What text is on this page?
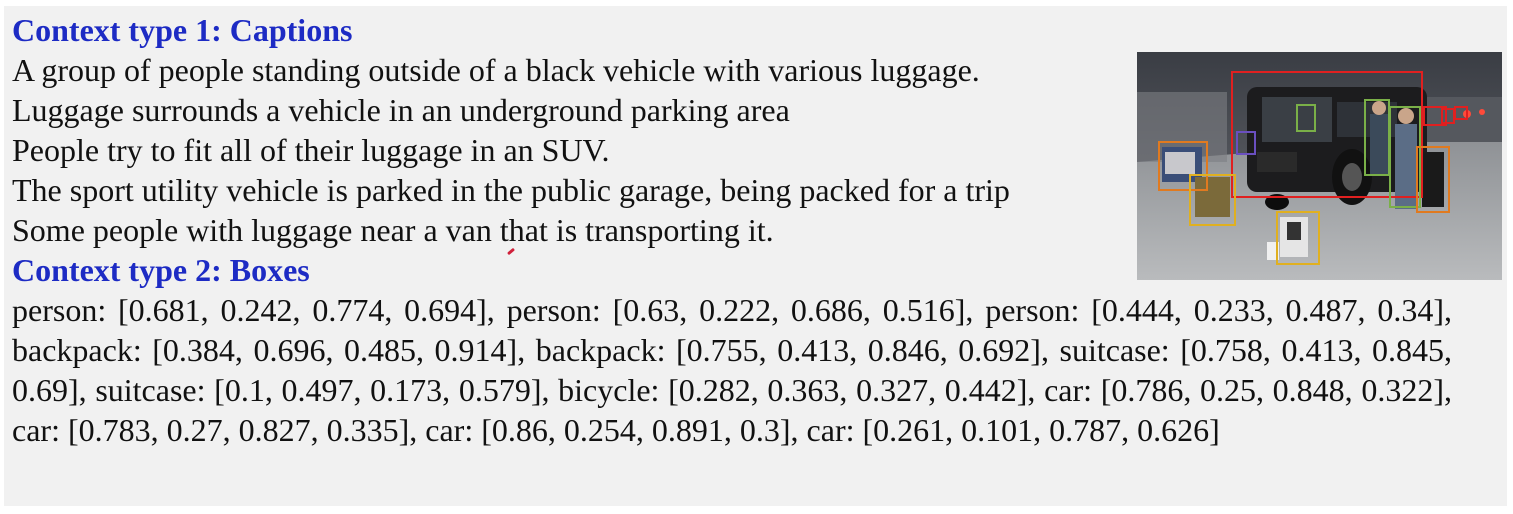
Context type 1: Captions
A group of people standing outside of a black vehicle with various luggage.
Luggage surrounds a vehicle in an underground parking area
People try to fit all of their luggage in an SUV.
The sport utility vehicle is parked in the public garage, being packed for a trip
Some people with luggage near a van that is transporting it.
Context type 2: Boxes
person: [0.681, 0.242, 0.774, 0.694], person: [0.63, 0.222, 0.686, 0.516], person: [0.444, 0.233, 0.487, 0.34], backpack: [0.384, 0.696, 0.485, 0.914], backpack: [0.755, 0.413, 0.846, 0.692], suitcase: [0.758, 0.413, 0.845, 0.69], suitcase: [0.1, 0.497, 0.173, 0.579], bicycle: [0.282, 0.363, 0.327, 0.442], car: [0.786, 0.25, 0.848, 0.322], car: [0.783, 0.27, 0.827, 0.335], car: [0.86, 0.254, 0.891, 0.3], car: [0.261, 0.101, 0.787, 0.626]
